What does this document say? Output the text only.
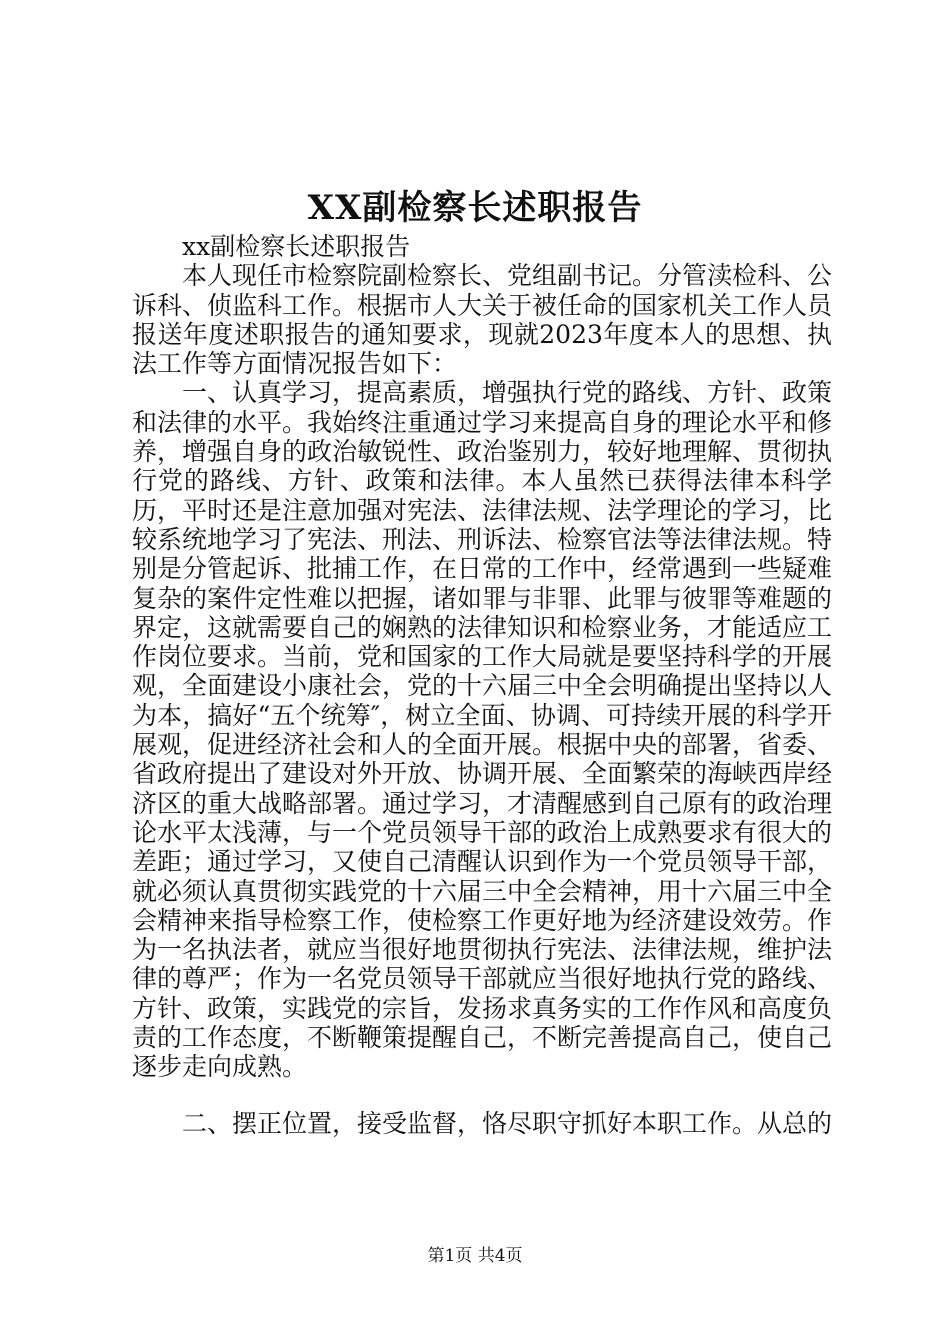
XX副检察长述职报告

xx副检察长述职报告

本人现任市检察院副检察长、党组副书记。分管渎检科、公诉科、侦监科工作。根据市人大关于被任命的国家机关工作人员报送年度述职报告的通知要求，现就2023年度本人的思想、执法工作等方面情况报告如下：

一、认真学习，提高素质，增强执行党的路线、方针、政策和法律的水平。我始终注重通过学习来提高自身的理论水平和修养，增强自身的政治敏锐性、政治鉴别力，较好地理解、贯彻执行党的路线、方针、政策和法律。本人虽然已获得法律本科学历，平时还是注意加强对宪法、法律法规、法学理论的学习，比较系统地学习了宪法、刑法、刑诉法、检察官法等法律法规。特别是分管起诉、批捕工作，在日常的工作中，经常遇到一些疑难复杂的案件定性难以把握，诸如罪与非罪、此罪与彼罪等难题的界定，这就需要自己的娴熟的法律知识和检察业务，才能适应工作岗位要求。当前，党和国家的工作大局就是要坚持科学的开展观，全面建设小康社会，党的十六届三中全会明确提出坚持以人为本，搞好“五个统筹″，树立全面、协调、可持续开展的科学开展观，促进经济社会和人的全面开展。根据中央的部署，省委、省政府提出了建设对外开放、协调开展、全面繁荣的海峡西岸经济区的重大战略部署。通过学习，才清醒感到自己原有的政治理论水平太浅薄，与一个党员领导干部的政治上成熟要求有很大的差距；通过学习，又使自己清醒认识到作为一个党员领导干部，就必须认真贯彻实践党的十六届三中全会精神，用十六届三中全会精神来指导检察工作，使检察工作更好地为经济建设效劳。作为一名执法者，就应当很好地贯彻执行宪法、法律法规，维护法律的尊严；作为一名党员领导干部就应当很好地执行党的路线、方针、政策，实践党的宗旨，发扬求真务实的工作作风和高度负责的工作态度，不断鞭策提醒自己，不断完善提高自己，使自己逐步走向成熟。

二、摆正位置，接受监督，恪尽职守抓好本职工作。从总的

第1页 共4页
